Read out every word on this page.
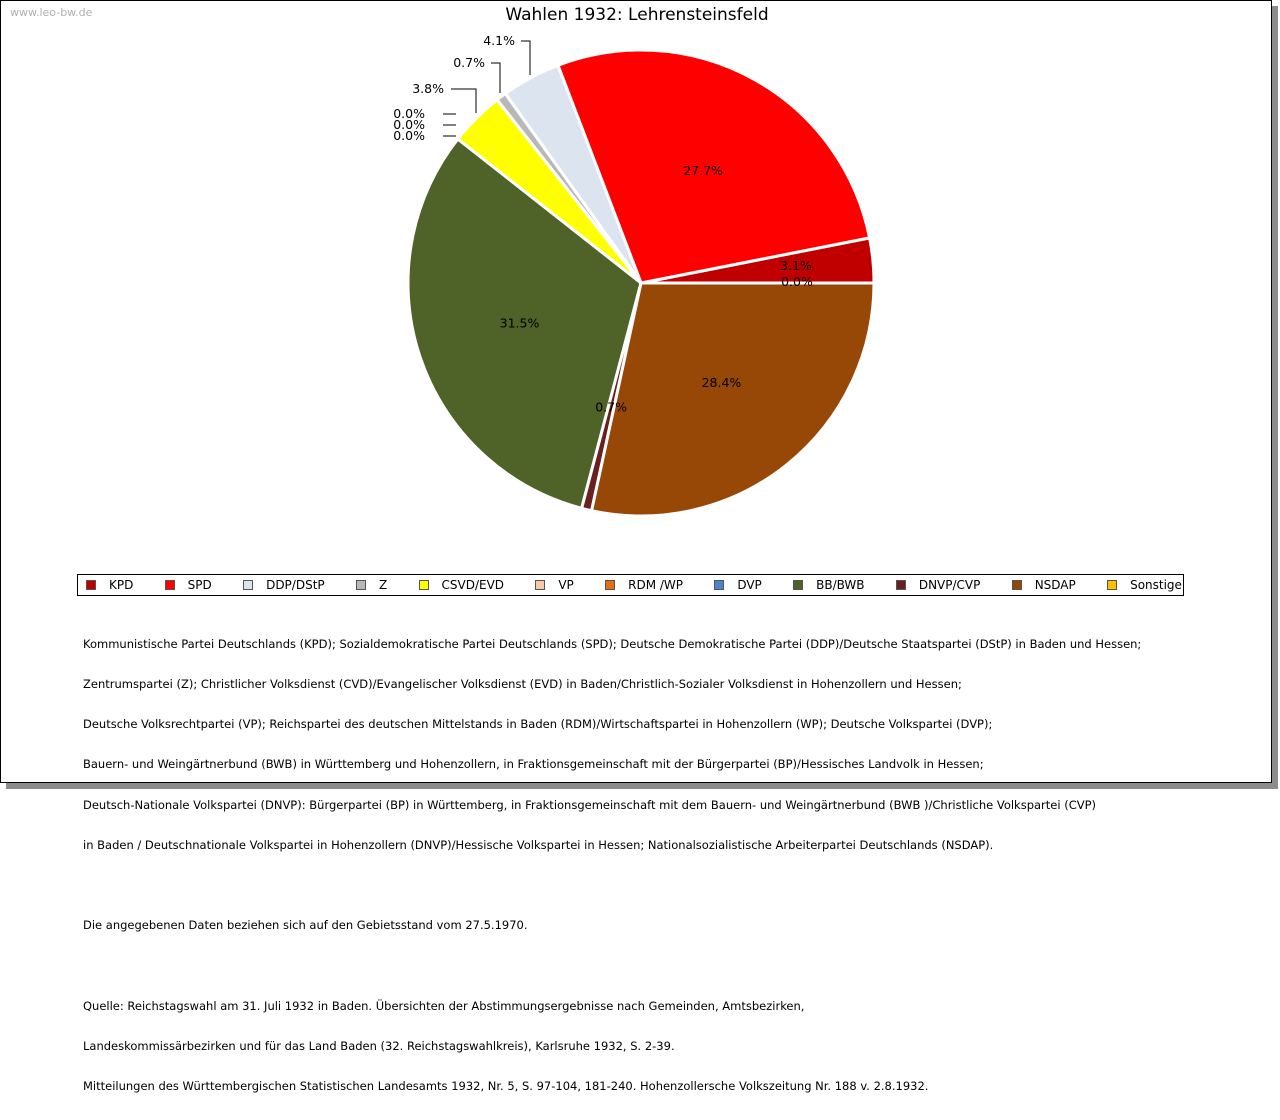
www.leo-bw.de	Wahlen 1932: Lehrensteinsfeld
3.1%
27.7%
4.1%
0.7%
3.8%
0.0%
0.0%
0.0%
31.5%
0.7%
28.4%
0.0%
KPD	SPD	DDP/DStP	Z	CSVD/EVD	VP	RDM /WP	DVP	BB/BWB	DNVP/CVP	NSDAP	Sonstige

Kommunistische Partei Deutschlands (KPD); Sozialdemokratische Partei Deutschlands (SPD); Deutsche Demokratische Partei (DDP)/Deutsche Staatspartei (DStP) in Baden und Hessen;

Zentrumspartei (Z); Christlicher Volksdienst (CVD)/Evangelischer Volksdienst (EVD) in Baden/Christlich-Sozialer Volksdienst in Hohenzollern und Hessen;

Deutsche Volksrechtpartei (VP); Reichspartei des deutschen Mittelstands in Baden (RDM)/Wirtschaftspartei in Hohenzollern (WP); Deutsche Volkspartei (DVP);

Bauern- und Weingärtnerbund (BWB) in Württemberg und Hohenzollern, in Fraktionsgemeinschaft mit der Bürgerpartei (BP)/Hessisches Landvolk in Hessen;

Deutsch-Nationale Volkspartei (DNVP): Bürgerpartei (BP) in Württemberg, in Fraktionsgemeinschaft mit dem Bauern- und Weingärtnerbund (BWB )/Christliche Volkspartei (CVP)

in Baden / Deutschnationale Volkspartei in Hohenzollern (DNVP)/Hessische Volkspartei in Hessen; Nationalsozialistische Arbeiterpartei Deutschlands (NSDAP).

Die angegebenen Daten beziehen sich auf den Gebietsstand vom 27.5.1970.

Quelle: Reichstagswahl am 31. Juli 1932 in Baden. Übersichten der Abstimmungsergebnisse nach Gemeinden, Amtsbezirken,

Landeskommissärbezirken und für das Land Baden (32. Reichstagswahlkreis), Karlsruhe 1932, S. 2-39.

Mitteilungen des Württembergischen Statistischen Landesamts 1932, Nr. 5, S. 97-104, 181-240. Hohenzollersche Volkszeitung Nr. 188 v. 2.8.1932.
